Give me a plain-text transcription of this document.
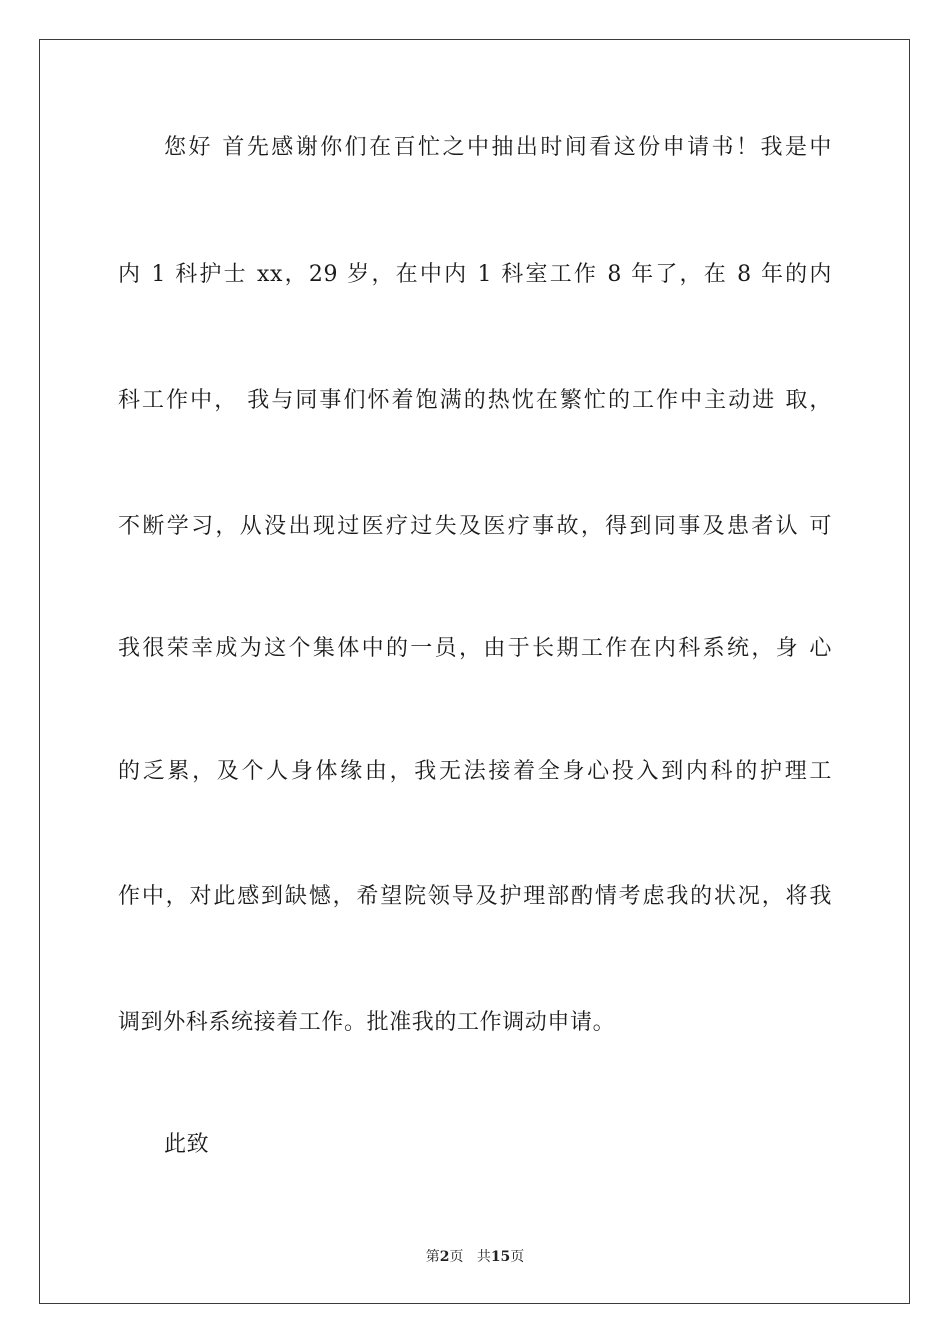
您好 首先感谢你们在百忙之中抽出时间看这份申请书！我是中
内 1 科护士 xx，29 岁，在中内 1 科室工作 8 年了，在 8 年的内
科工作中， 我与同事们怀着饱满的热忱在繁忙的工作中主动进 取，
不断学习，从没出现过医疗过失及医疗事故，得到同事及患者认 可
我很荣幸成为这个集体中的一员，由于长期工作在内科系统，身 心
的乏累，及个人身体缘由，我无法接着全身心投入到内科的护理工
作中，对此感到缺憾，希望院领导及护理部酌情考虑我的状况，将我
调到外科系统接着工作。批准我的工作调动申请。
此致
第2页 共15页
